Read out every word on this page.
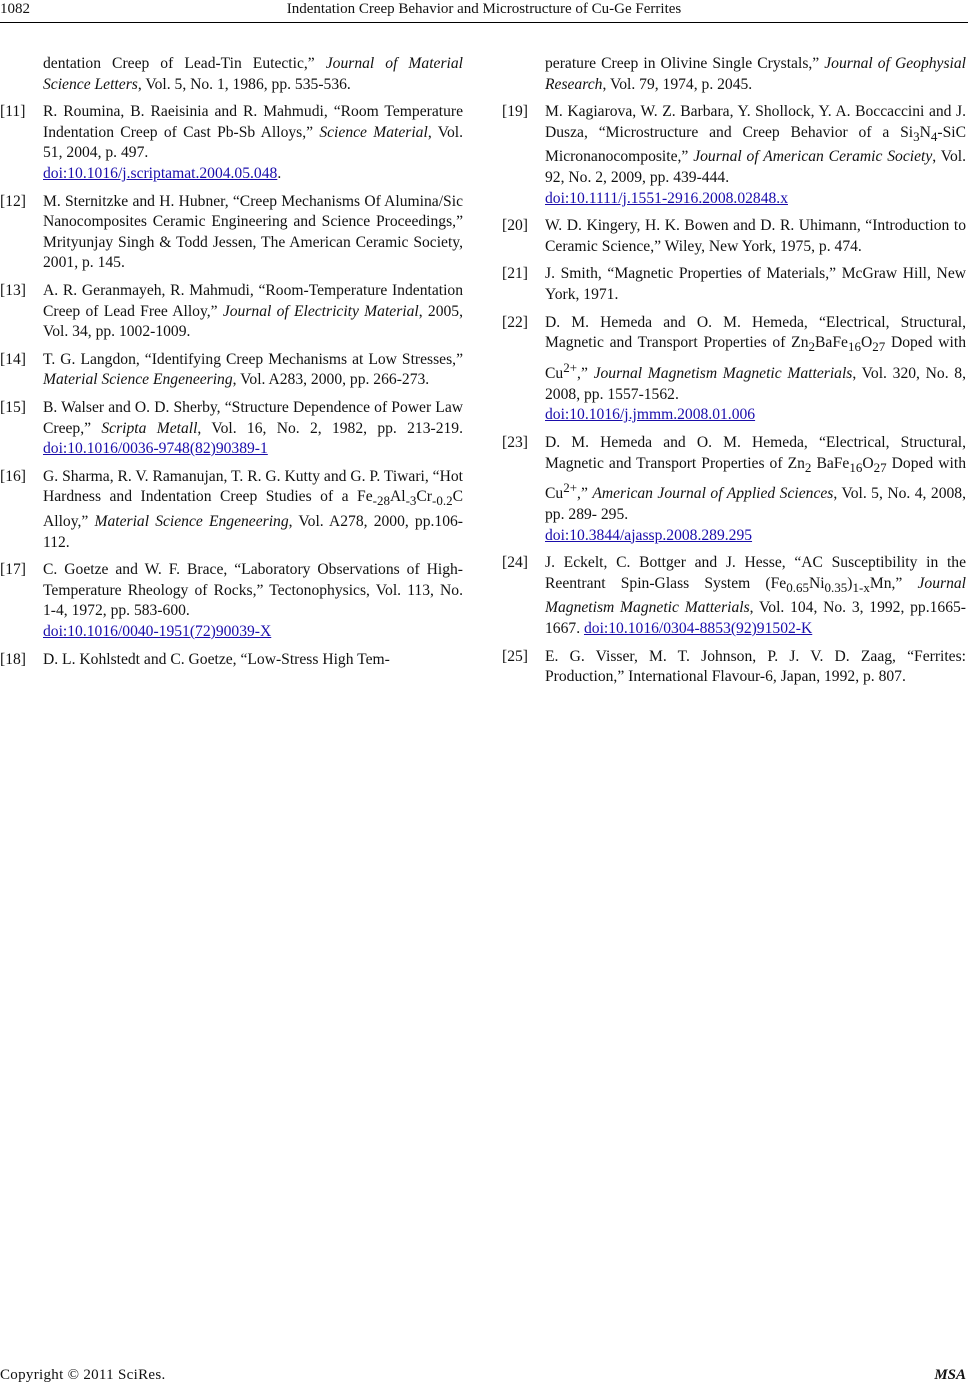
1082	Indentation Creep Behavior and Microstructure of Cu-Ge Ferrites
dentation Creep of Lead-Tin Eutectic,” Journal of Material Science Letters, Vol. 5, No. 1, 1986, pp. 535-536.
[11] R. Roumina, B. Raeisinia and R. Mahmudi, “Room Temperature Indentation Creep of Cast Pb-Sb Alloys,” Science Material, Vol. 51, 2004, p. 497.
doi:10.1016/j.scriptamat.2004.05.048.
[12] M. Sternitzke and H. Hubner, “Creep Mechanisms Of Alumina/Sic Nanocomposites Ceramic Engineering and Science Proceedings,” Mrityunjay Singh & Todd Jessen, The American Ceramic Society, 2001, p. 145.
[13] A. R. Geranmayeh, R. Mahmudi, “Room-Temperature Indentation Creep of Lead Free Alloy,” Journal of Electricity Material, 2005, Vol. 34, pp. 1002-1009.
[14] T. G. Langdon, “Identifying Creep Mechanisms at Low Stresses,” Material Science Engeneering, Vol. A283, 2000, pp. 266-273.
[15] B. Walser and O. D. Sherby, “Structure Dependence of Power Law Creep,” Scripta Metall, Vol. 16, No. 2, 1982, pp. 213-219. doi:10.1016/0036-9748(82)90389-1
[16] G. Sharma, R. V. Ramanujan, T. R. G. Kutty and G. P. Tiwari, “Hot Hardness and Indentation Creep Studies of a $Fe_{-28}Al_{-3}Cr_{-0.2}C$ Alloy,” Material Science Engeneering, Vol. A278, 2000, pp.106-112.
[17] C. Goetze and W. F. Brace, “Laboratory Observations of High-Temperature Rheology of Rocks,” Tectonophysics, Vol. 113, No. 1-4, 1972, pp. 583-600.
doi:10.1016/0040-1951(72)90039-X
[18] D. L. Kohlstedt and C. Goetze, “Low-Stress High Tem-
perature Creep in Olivine Single Crystals,” Journal of Geophysial Research, Vol. 79, 1974, p. 2045.
[19] M. Kagiarova, W. Z. Barbara, Y. Shollock, Y. A. Boccaccini and J. Dusza, “Microstructure and Creep Behavior of a $Si_3N_4$-SiC Micronanocomposite,” Journal of American Ceramic Society, Vol. 92, No. 2, 2009, pp. 439-444.
doi:10.1111/j.1551-2916.2008.02848.x
[20] W. D. Kingery, H. K. Bowen and D. R. Uhimann, “Introduction to Ceramic Science,” Wiley, New York, 1975, p. 474.
[21] J. Smith, “Magnetic Properties of Materials,” McGraw Hill, New York, 1971.
[22] D. M. Hemeda and O. M. Hemeda, “Electrical, Structural, Magnetic and Transport Properties of $Zn_2BaFe_{16}O_{27}$ Doped with $Cu^{2+}$,” Journal Magnetism Magnetic Matterials, Vol. 320, No. 8, 2008, pp. 1557-1562.
doi:10.1016/j.jmmm.2008.01.006
[23] D. M. Hemeda and O. M. Hemeda, “Electrical, Structural, Magnetic and Transport Properties of $Zn_2$ $BaFe_{16}O_{27}$ Doped with $Cu^{2+}$,” American Journal of Applied Sciences, Vol. 5, No. 4, 2008, pp. 289- 295.
doi:10.3844/ajassp.2008.289.295
[24] J. Eckelt, C. Bottger and J. Hesse, “AC Susceptibility in the Reentrant Spin-Glass System $(Fe_{0.65}Ni_{0.35})_{1-x}Mn$,” Journal Magnetism Magnetic Matterials, Vol. 104, No. 3, 1992, pp.1665-1667. doi:10.1016/0304-8853(92)91502-K
[25] E. G. Visser, M. T. Johnson, P. J. V. D. Zaag, “Ferrites: Production,” International Flavour-6, Japan, 1992, p. 807.
Copyright © 2011 SciRes.	MSA
